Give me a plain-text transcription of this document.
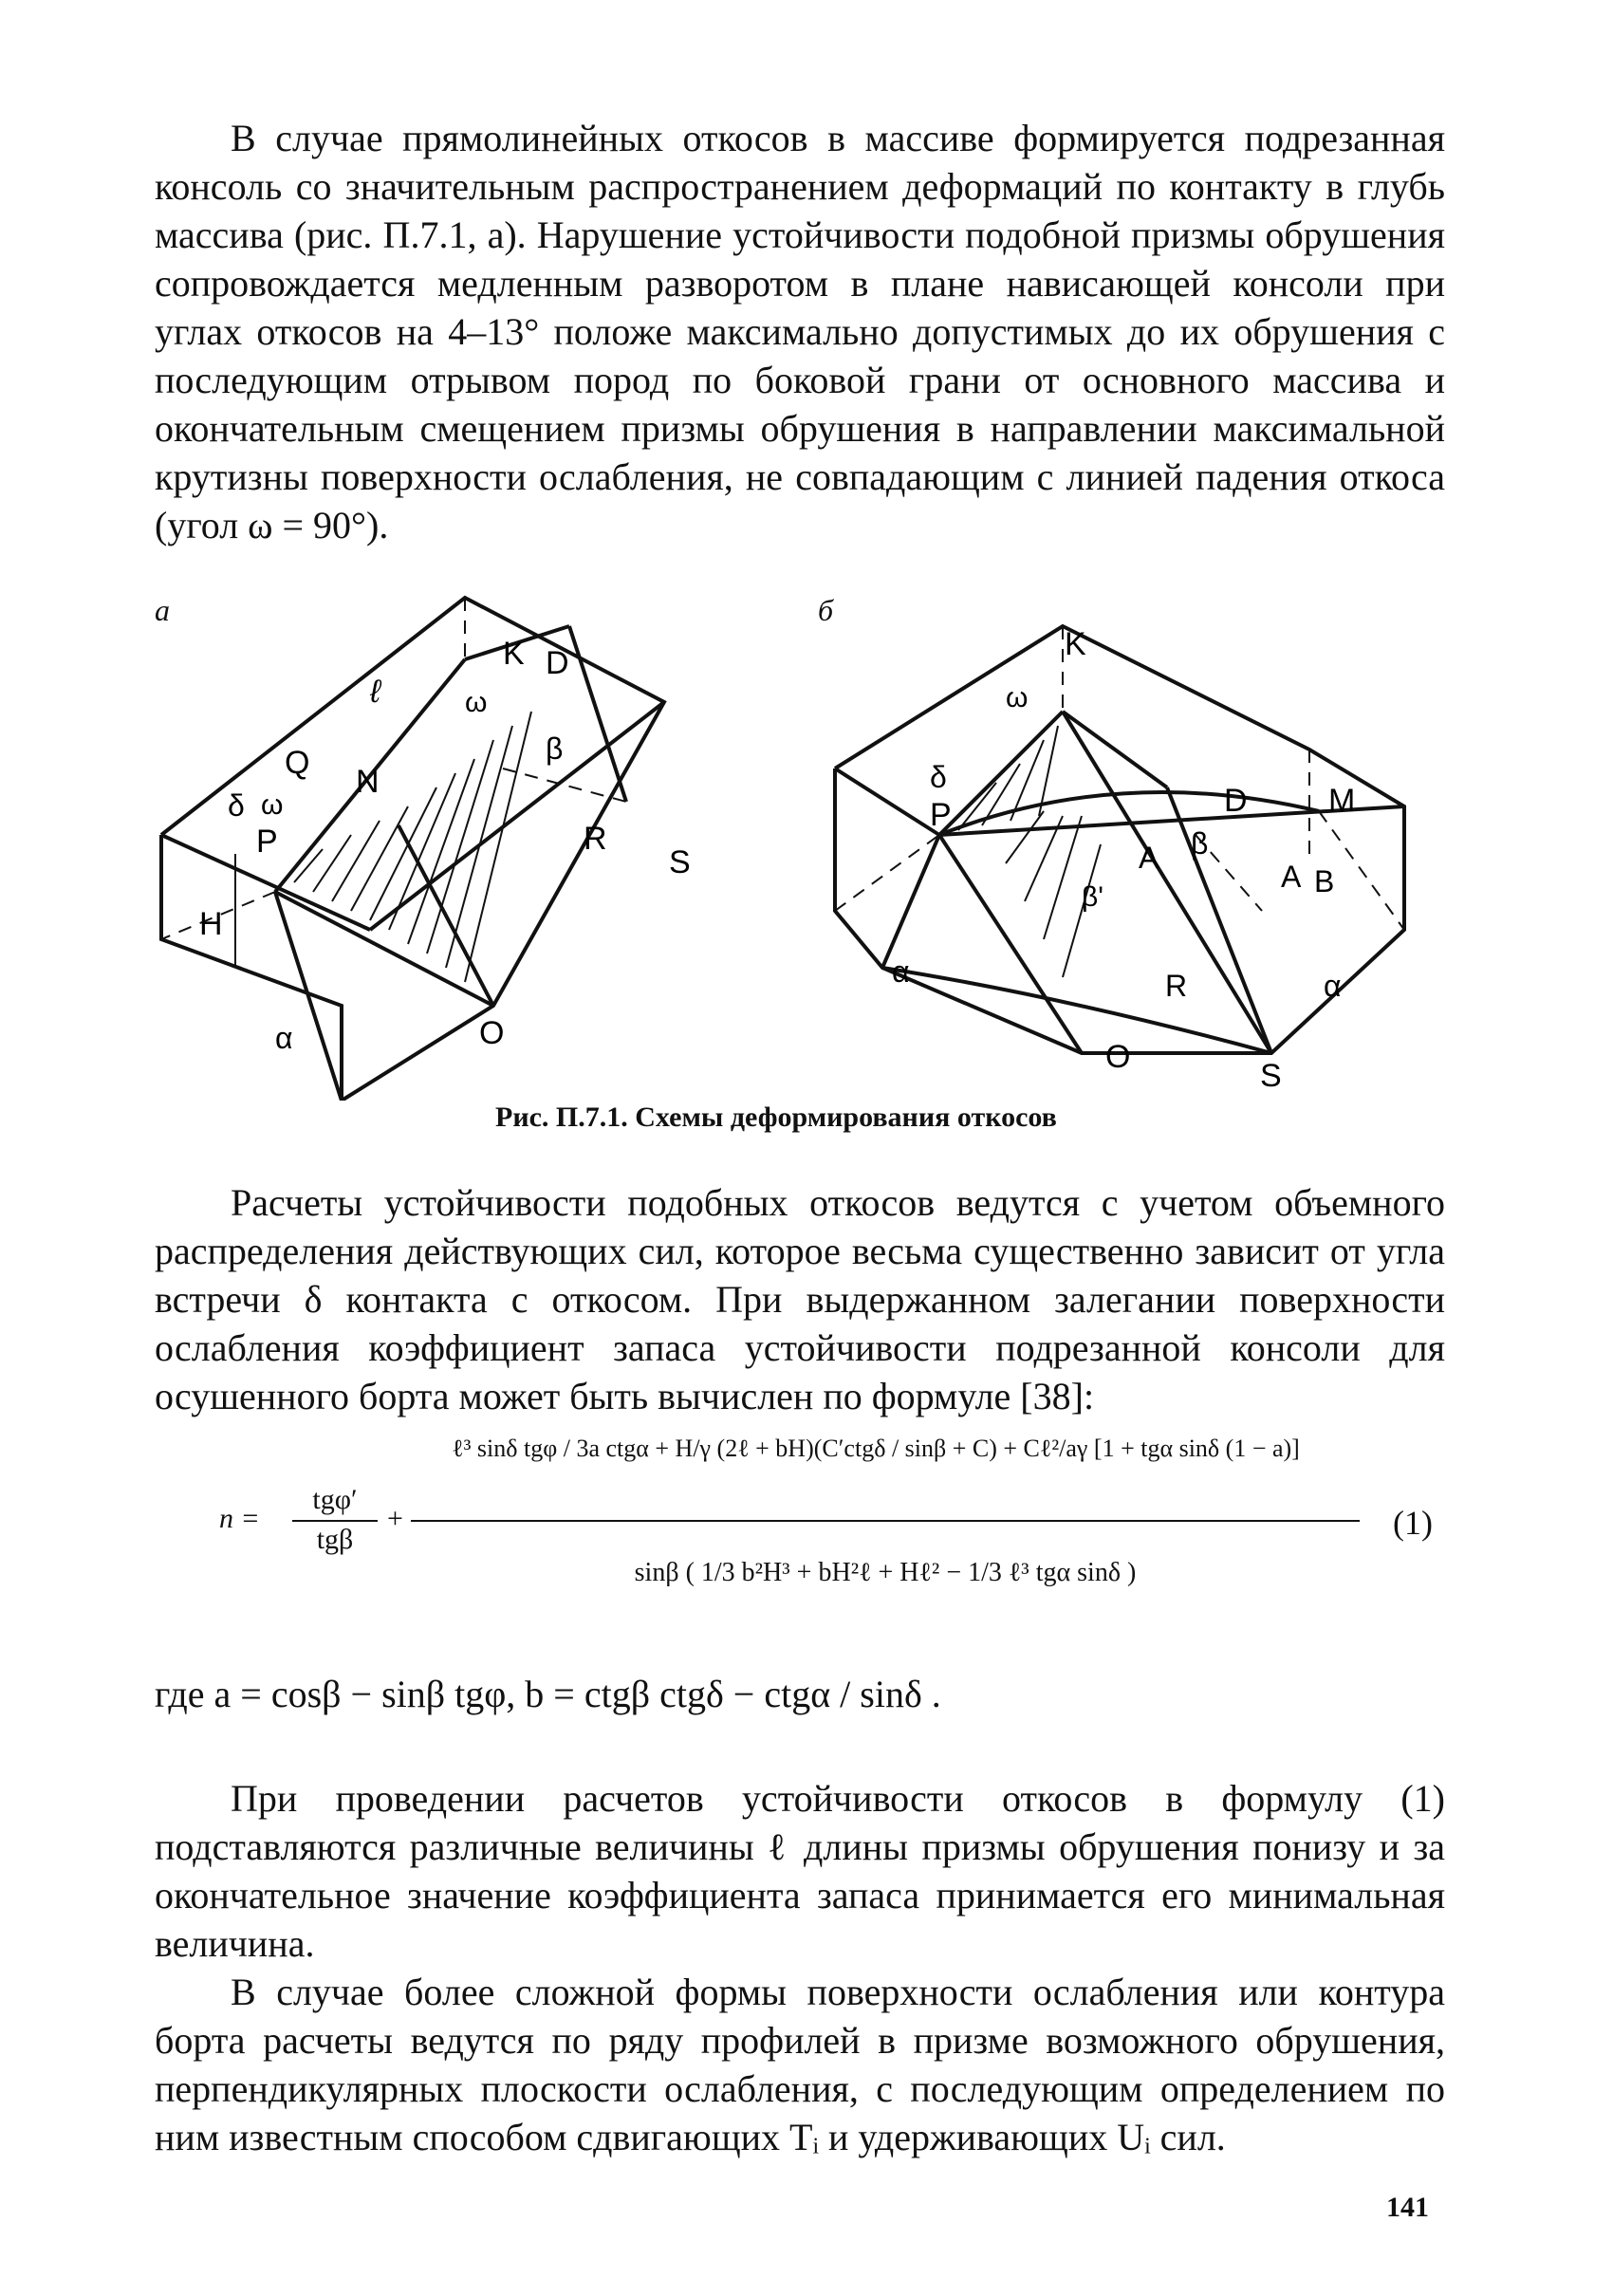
В случае прямолинейных откосов в массиве формируется подрезанная консоль со значительным распространением деформаций по контакту в глубь массива (рис. П.7.1, а). Нарушение устойчивости подобной призмы обрушения сопровождается медленным разворотом в плане нависающей консоли при углах откосов на 4–13° положе максимально допустимых до их обрушения с последующим отрывом пород по боковой грани от основного массива и окончательным смещением призмы обрушения в направлении максимальной крутизны поверхности ослабления, не совпадающим с линией падения откоса (угол ω = 90°).

а	б
H
P
δ ω
Q
N
ℓ
K D
ω
β
R
S
O
α
K
ω
δ
P	D	M
β
A
A B
β'
R
α	α
O
S
Рис. П.7.1. Схемы деформирования откосов

Расчеты устойчивости подобных откосов ведутся с учетом объемного распределения действующих сил, которое весьма существенно зависит от угла встречи δ контакта с откосом. При выдержанном залегании поверхности ослабления коэффициент запаса устойчивости подрезанной консоли для осушенного борта может быть вычислен по формуле [38]:

n =
tgφ′
tgβ
+
ℓ³ sinδ tgφ / 3a ctgα + H/γ (2ℓ + bH)(C′ctgδ / sinβ + C) + Cℓ²/aγ [1 + tgα sinδ (1 − a)]
sinβ ( 1/3 b²H³ + bH²ℓ + Hℓ² − 1/3 ℓ³ tgα sinδ )
(1)
где a = cosβ − sinβ tgφ, b = ctgβ ctgδ − ctgα / sinδ .

При проведении расчетов устойчивости откосов в формулу (1) подставляются различные величины ℓ длины призмы обрушения понизу и за окончательное значение коэффициента запаса принимается его минимальная величина.

В случае более сложной формы поверхности ослабления или контура борта расчеты ведутся по ряду профилей в призме возможного обрушения, перпендикулярных плоскости ослабления, с последующим определением по ним известным способом сдвигающих Tᵢ и удерживающих Uᵢ сил.

141
